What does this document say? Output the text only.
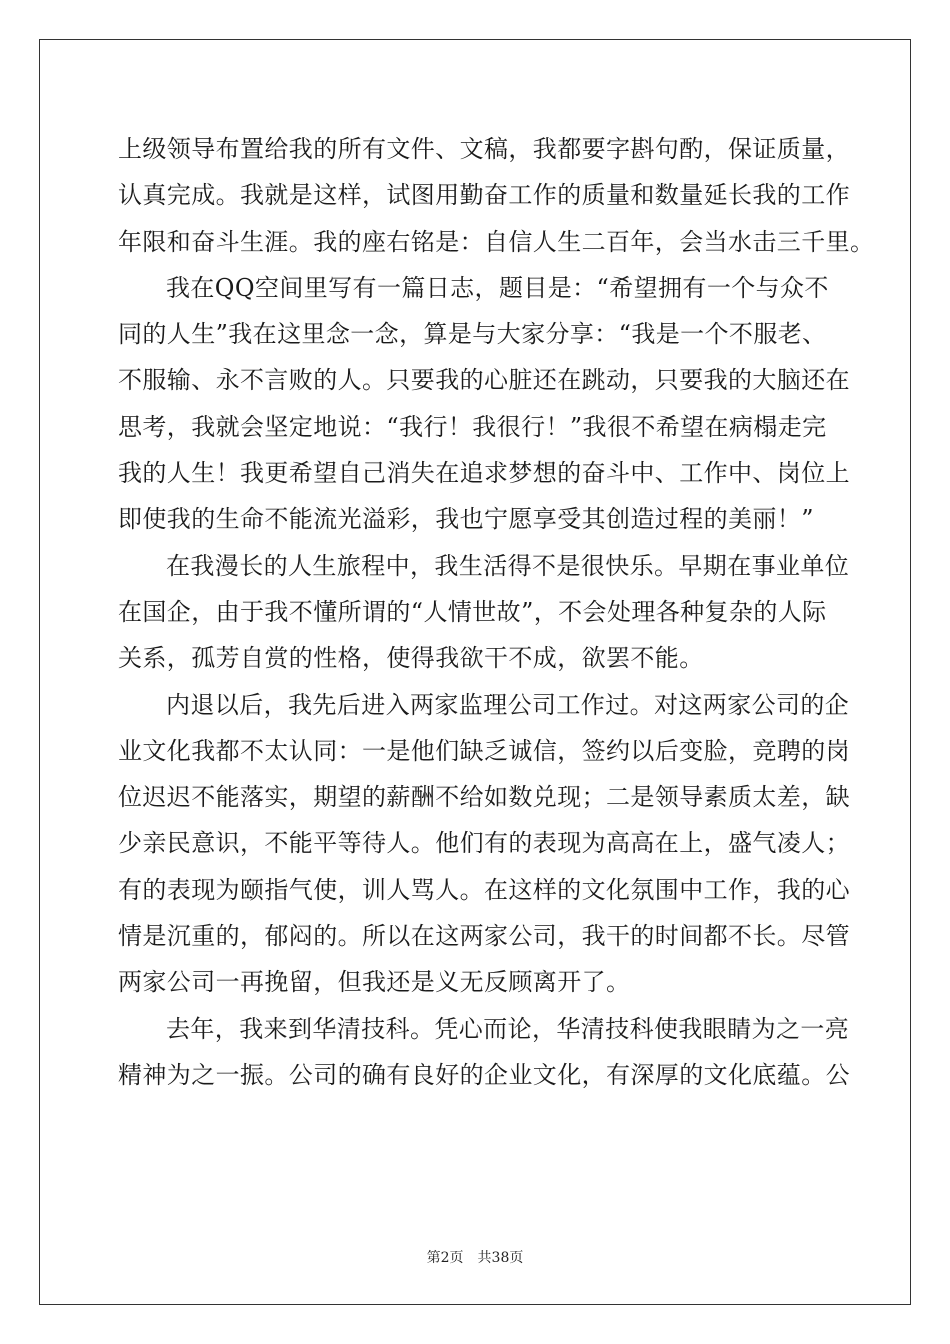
上级领导布置给我的所有文件、文稿，我都要字斟句酌，保证质量，
认真完成。我就是这样，试图用勤奋工作的质量和数量延长我的工作
年限和奋斗生涯。我的座右铭是：自信人生二百年，会当水击三千里。
我在QQ空间里写有一篇日志，题目是：“希望拥有一个与众不
同的人生”我在这里念一念，算是与大家分享：“我是一个不服老、
不服输、永不言败的人。只要我的心脏还在跳动，只要我的大脑还在
思考，我就会坚定地说：“我行！我很行！”我很不希望在病榻走完
我的人生！我更希望自己消失在追求梦想的奋斗中、工作中、岗位上
即使我的生命不能流光溢彩，我也宁愿享受其创造过程的美丽！”
在我漫长的人生旅程中，我生活得不是很快乐。早期在事业单位
在国企，由于我不懂所谓的“人情世故”，不会处理各种复杂的人际
关系，孤芳自赏的性格，使得我欲干不成，欲罢不能。
内退以后，我先后进入两家监理公司工作过。对这两家公司的企
业文化我都不太认同：一是他们缺乏诚信，签约以后变脸，竞聘的岗
位迟迟不能落实，期望的薪酬不给如数兑现；二是领导素质太差，缺
少亲民意识，不能平等待人。他们有的表现为高高在上，盛气凌人；
有的表现为颐指气使，训人骂人。在这样的文化氛围中工作，我的心
情是沉重的，郁闷的。所以在这两家公司，我干的时间都不长。尽管
两家公司一再挽留，但我还是义无反顾离开了。
去年，我来到华清技科。凭心而论，华清技科使我眼睛为之一亮
精神为之一振。公司的确有良好的企业文化，有深厚的文化底蕴。公
第2页 共38页
